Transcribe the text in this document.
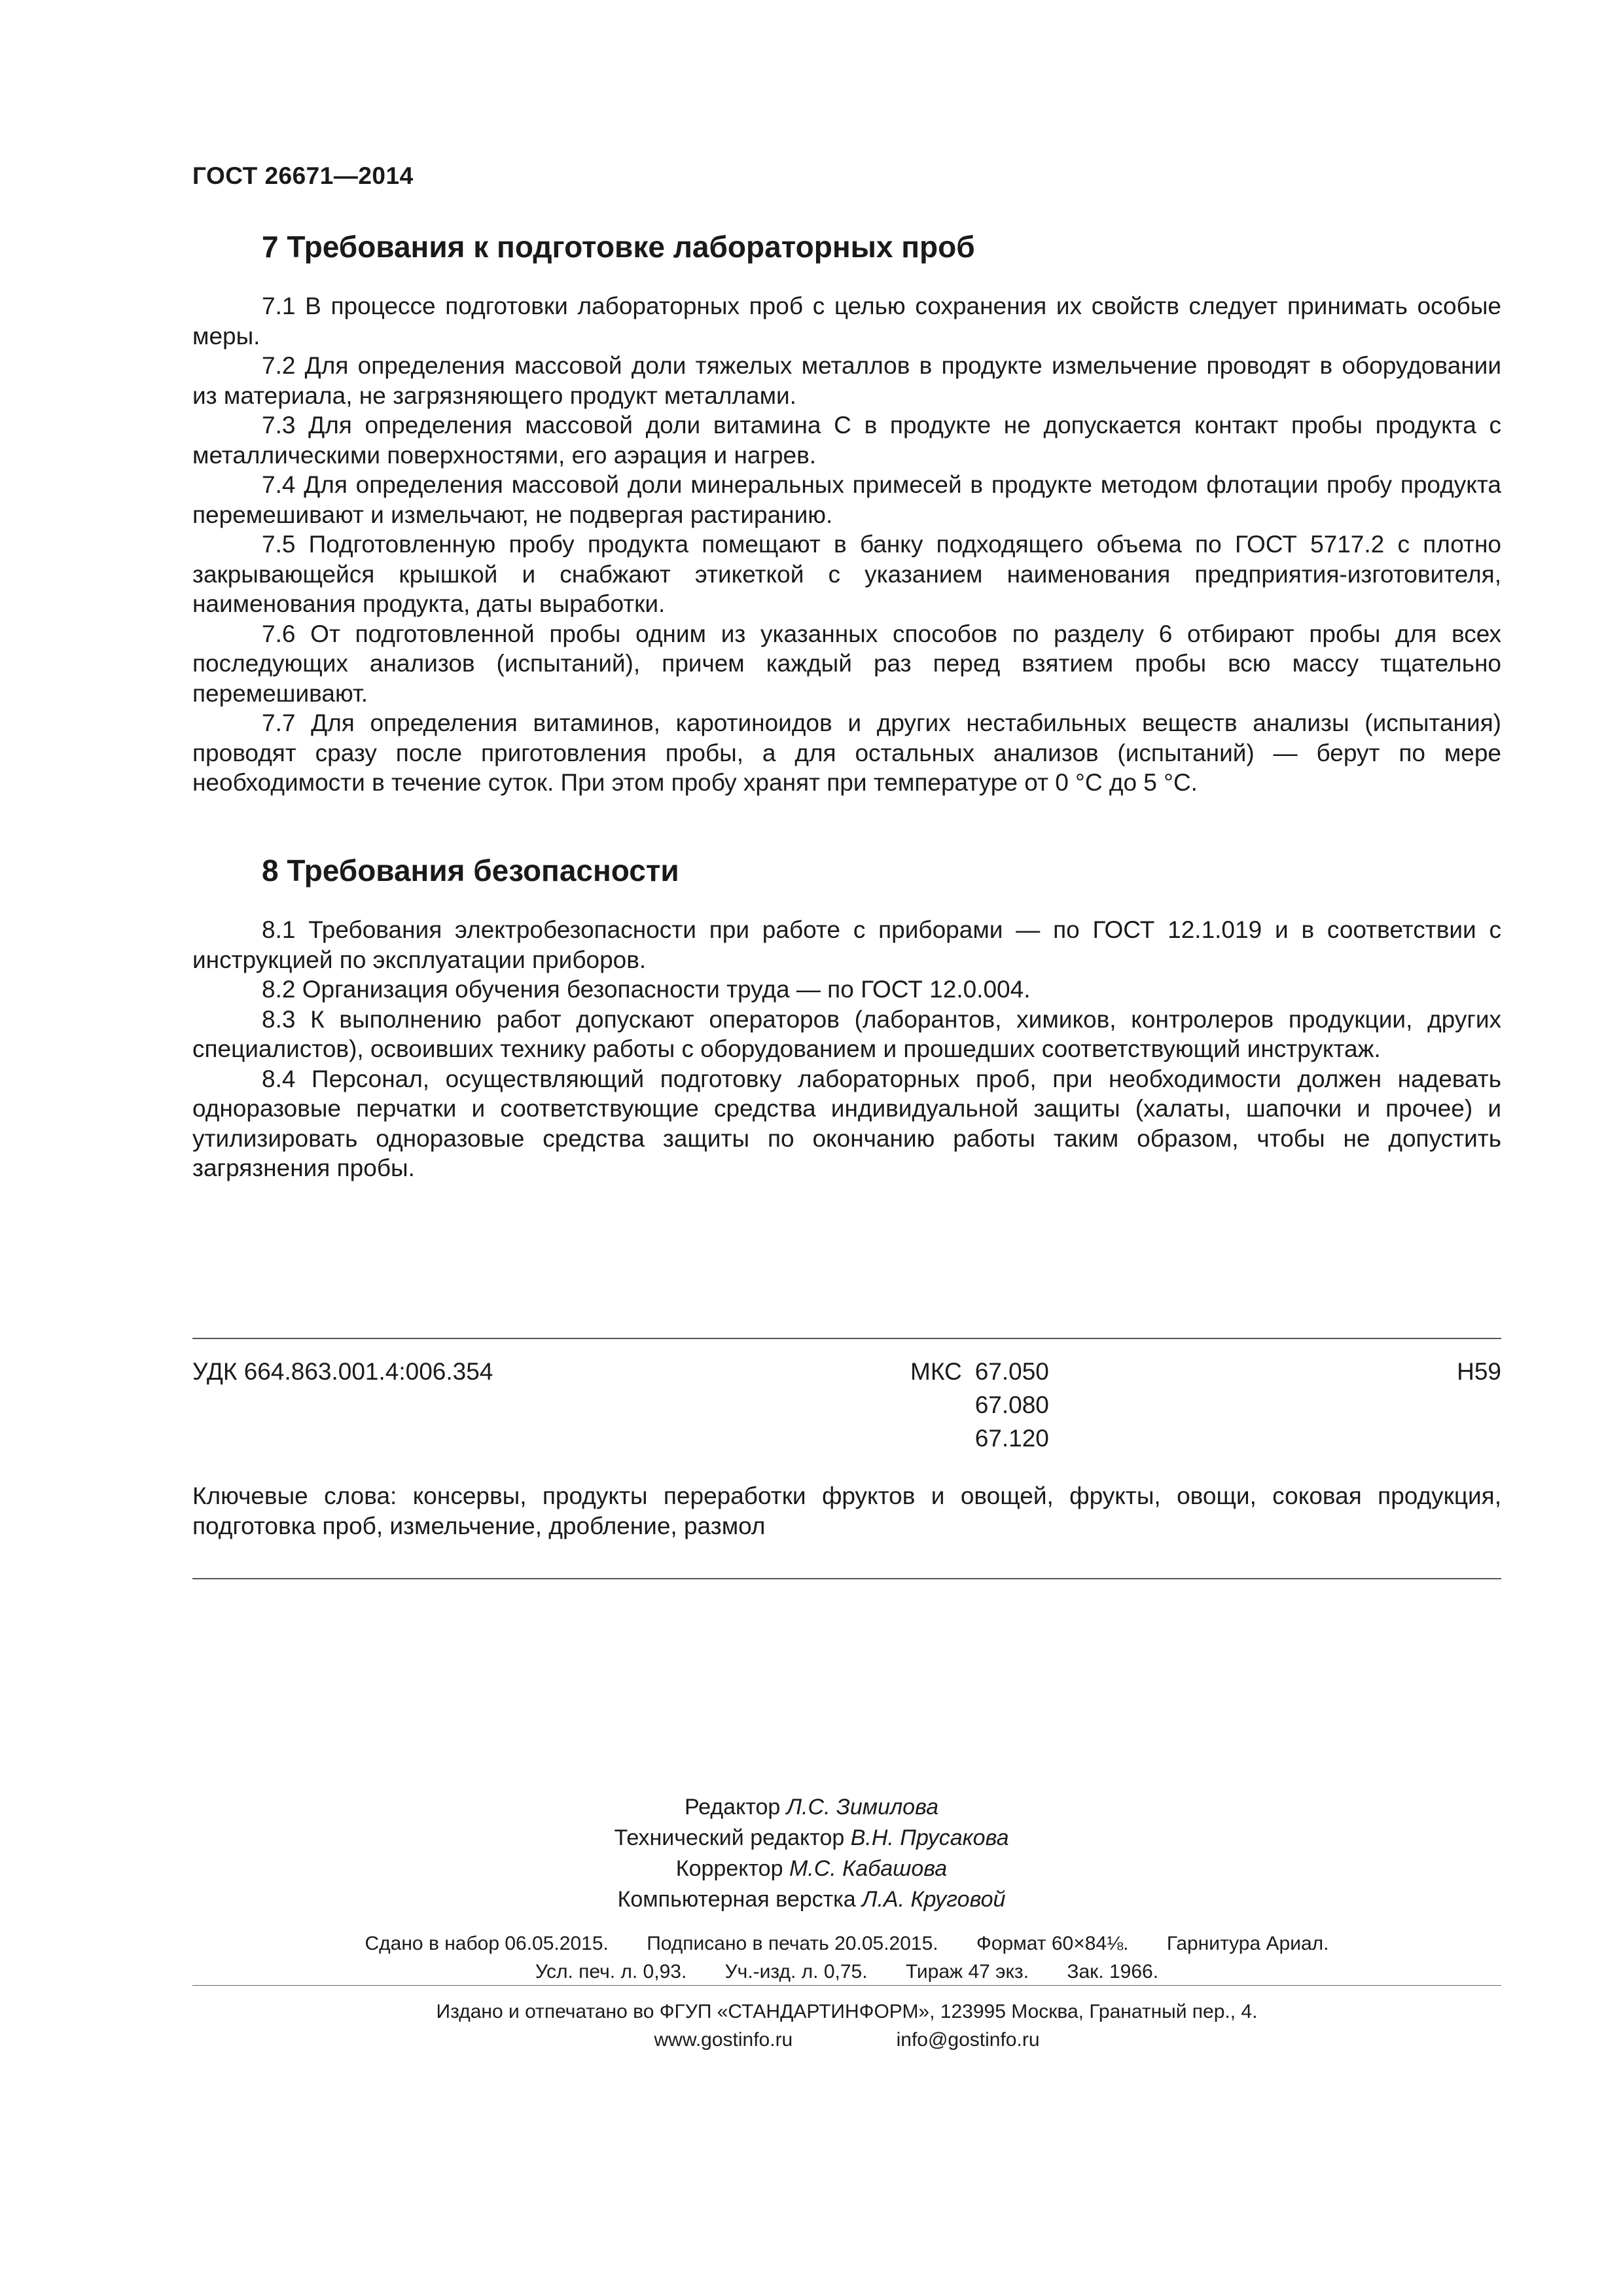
ГОСТ 26671—2014
7 Требования к подготовке лабораторных проб

7.1 В процессе подготовки лабораторных проб с целью сохранения их свойств следует принимать особые меры.

7.2 Для определения массовой доли тяжелых металлов в продукте измельчение проводят в оборудовании из материала, не загрязняющего продукт металлами.

7.3 Для определения массовой доли витамина С в продукте не допускается контакт пробы продукта с металлическими поверхностями, его аэрация и нагрев.

7.4 Для определения массовой доли минеральных примесей в продукте методом флотации пробу продукта перемешивают и измельчают, не подвергая растиранию.

7.5 Подготовленную пробу продукта помещают в банку подходящего объема по ГОСТ 5717.2 с плотно закрывающейся крышкой и снабжают этикеткой с указанием наименования предприятия-изготовителя, наименования продукта, даты выработки.

7.6 От подготовленной пробы одним из указанных способов по разделу 6 отбирают пробы для всех последующих анализов (испытаний), причем каждый раз перед взятием пробы всю массу тщательно перемешивают.

7.7 Для определения витаминов, каротиноидов и других нестабильных веществ анализы (испытания) проводят сразу после приготовления пробы, а для остальных анализов (испытаний) — берут по мере необходимости в течение суток. При этом пробу хранят при температуре от 0 °С до 5 °С.

8 Требования безопасности

8.1 Требования электробезопасности при работе с приборами — по ГОСТ 12.1.019 и в соответствии с инструкцией по эксплуатации приборов.

8.2 Организация обучения безопасности труда — по ГОСТ 12.0.004.

8.3 К выполнению работ допускают операторов (лаборантов, химиков, контролеров продукции, других специалистов), освоивших технику работы с оборудованием и прошедших соответствующий инструктаж.

8.4 Персонал, осуществляющий подготовку лабораторных проб, при необходимости должен надевать одноразовые перчатки и соответствующие средства индивидуальной защиты (халаты, шапочки и прочее) и утилизировать одноразовые средства защиты по окончанию работы таким образом, чтобы не допустить загрязнения пробы.

УДК 664.863.001.4:006.354	МКС 67.050
67.080
67.120
Н59
Ключевые слова: консервы, продукты переработки фруктов и овощей, фрукты, овощи, соковая продукция, подготовка проб, измельчение, дробление, размол
Редактор Л.С. Зимилова
Технический редактор В.Н. Прусакова
Корректор М.С. Кабашова
Компьютерная верстка Л.А. Круговой
Сдано в набор 06.05.2015. Подписано в печать 20.05.2015. Формат 60×84⅛. Гарнитура Ариал.
Усл. печ. л. 0,93. Уч.-изд. л. 0,75. Тираж 47 экз. Зак. 1966.
Издано и отпечатано во ФГУП «СТАНДАРТИНФОРМ», 123995 Москва, Гранатный пер., 4.
www.gostinfo.ru	info@gostinfo.ru
